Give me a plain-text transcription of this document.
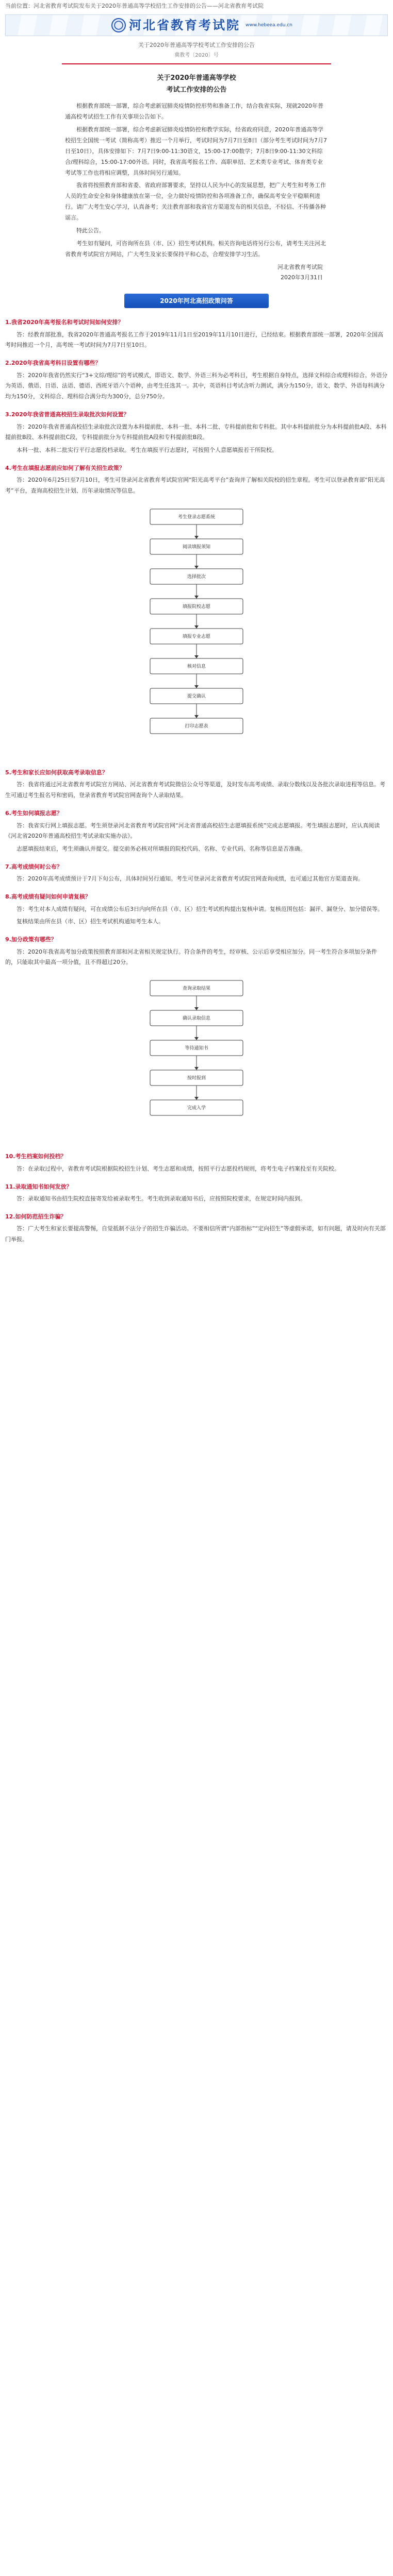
当前位置：河北省教育考试院发布关于2020年普通高等学校招生工作安排的公告——河北省教育考试院
河北省教育考试院 www.hebeea.edu.cn
关于2020年普通高等学校考试工作安排的公告
冀教考〔2020〕号
关于2020年普通高等学校
考试工作安排的公告

根据教育部统一部署，综合考虑新冠肺炎疫情防控形势和准备工作，结合我省实际，现就2020年普通高校考试招生工作有关事项公告如下。

根据教育部统一部署，综合考虑新冠肺炎疫情防控和教学实际，经省政府同意，2020年普通高等学校招生全国统一考试（简称高考）推迟一个月举行，考试时间为7月7日至8日（部分考生考试时间为7月7日至10日），具体安排如下：7月7日9:00-11:30语文，15:00-17:00数学；7月8日9:00-11:30文科综合/理科综合，15:00-17:00外语。同时，我省高考报名工作、高职单招、艺术类专业考试、体育类专业考试等工作也将相应调整，具体时间另行通知。

我省将按照教育部和省委、省政府部署要求，坚持以人民为中心的发展思想，把广大考生和考务工作人员的生命安全和身体健康放在第一位，全力做好疫情防控和各项准备工作，确保高考安全平稳顺利进行。请广大考生安心学习，认真备考；关注教育部和我省官方渠道发布的相关信息，不轻信、不传播各种谣言。

特此公告。

考生如有疑问，可咨询所在县（市、区）招生考试机构。相关咨询电话将另行公布，请考生关注河北省教育考试院官方网站，广大考生及家长要保持平和心态，合理安排学习生活。

河北省教育考试院
2020年3月31日
2020年河北高招政策问答
1.我省2020年高考报名和考试时间如何安排？
答：经教育部批准，我省2020年普通高考报名工作于2019年11月1日至2019年11月10日进行，已经结束。根据教育部统一部署，2020年全国高考时间推迟一个月，高考统一考试时间为7月7日至10日。
2.2020年我省高考科目设置有哪些？
答：2020年我省仍然实行“3+文综/理综”的考试模式，即语文、数学、外语三科为必考科目，考生根据自身特点，选择文科综合或理科综合。外语分为英语、俄语、日语、法语、德语、西班牙语六个语种，由考生任选其一。其中，英语科目考试含听力测试，满分为150分，语文、数学、外语每科满分均为150分，文科综合、理科综合满分均为300分，总分750分。
3.2020年我省普通高校招生录取批次如何设置？
答：2020年我省普通高校招生录取批次设置为本科提前批、本科一批、本科二批、专科提前批和专科批。其中本科提前批分为本科提前批A段、本科提前批B段、本科提前批C段，专科提前批分为专科提前批A段和专科提前批B段。
本科一批、本科二批实行平行志愿投档录取。考生在填报平行志愿时，可按照个人意愿填报若干所院校。
4.考生在填报志愿前应如何了解有关招生政策？
答：2020年6月25日至7月10日，考生可登录河北省教育考试院官网“阳光高考平台”查询并了解相关院校的招生章程。考生可以登录教育部“阳光高考”平台，查询高校招生计划、历年录取情况等信息。
考生登录志愿系统
阅读填报须知
选择批次
填报院校志愿
填报专业志愿
核对信息
提交确认
打印志愿表
5.考生和家长应如何获取高考录取信息？
答：我省将通过河北省教育考试院官方网站、河北省教育考试院微信公众号等渠道，及时发布高考成绩、录取分数线以及各批次录取进程等信息。考生可通过考生报名号和密码，登录省教育考试院官网查询个人录取结果。
6.考生如何填报志愿？
答：我省实行网上填报志愿。考生须登录河北省教育考试院官网“河北省普通高校招生志愿填报系统”完成志愿填报。考生填报志愿时，应认真阅读《河北省2020年普通高校招生考试录取实施办法》。
志愿填报结束后，考生须确认并提交。提交前务必核对所填报的院校代码、名称、专业代码、名称等信息是否准确。
7.高考成绩何时公布？
答：2020年高考成绩预计于7月下旬公布，具体时间另行通知。考生可登录河北省教育考试院官网查询成绩，也可通过其他官方渠道查询。
8.高考成绩有疑问如何申请复核？
答：考生对本人成绩有疑问，可在成绩公布后3日内向所在县（市、区）招生考试机构提出复核申请。复核范围包括：漏评、漏登分、加分错误等。
复核结果由所在县（市、区）招生考试机构通知考生本人。
9.加分政策有哪些？
答：2020年我省高考加分政策按照教育部和河北省相关规定执行。符合条件的考生，经审核、公示后享受相应加分。同一考生符合多项加分条件的，只能取其中最高一项分值，且不得超过20分。
查询录取结果
确认录取信息
等待通知书
按时报到
完成入学
10.考生档案如何投档？
答：在录取过程中，省教育考试院根据院校招生计划、考生志愿和成绩，按照平行志愿投档规则，将考生电子档案投至有关院校。
11.录取通知书如何发放？
答：录取通知书由招生院校直接寄发给被录取考生。考生收到录取通知书后，应按照院校要求，在规定时间内报到。
12.如何防范招生诈骗？
答：广大考生和家长要提高警惕，自觉抵制不法分子的招生诈骗活动。不要相信所谓“内部指标”“定向招生”等虚假承诺，如有问题，请及时向有关部门举报。
